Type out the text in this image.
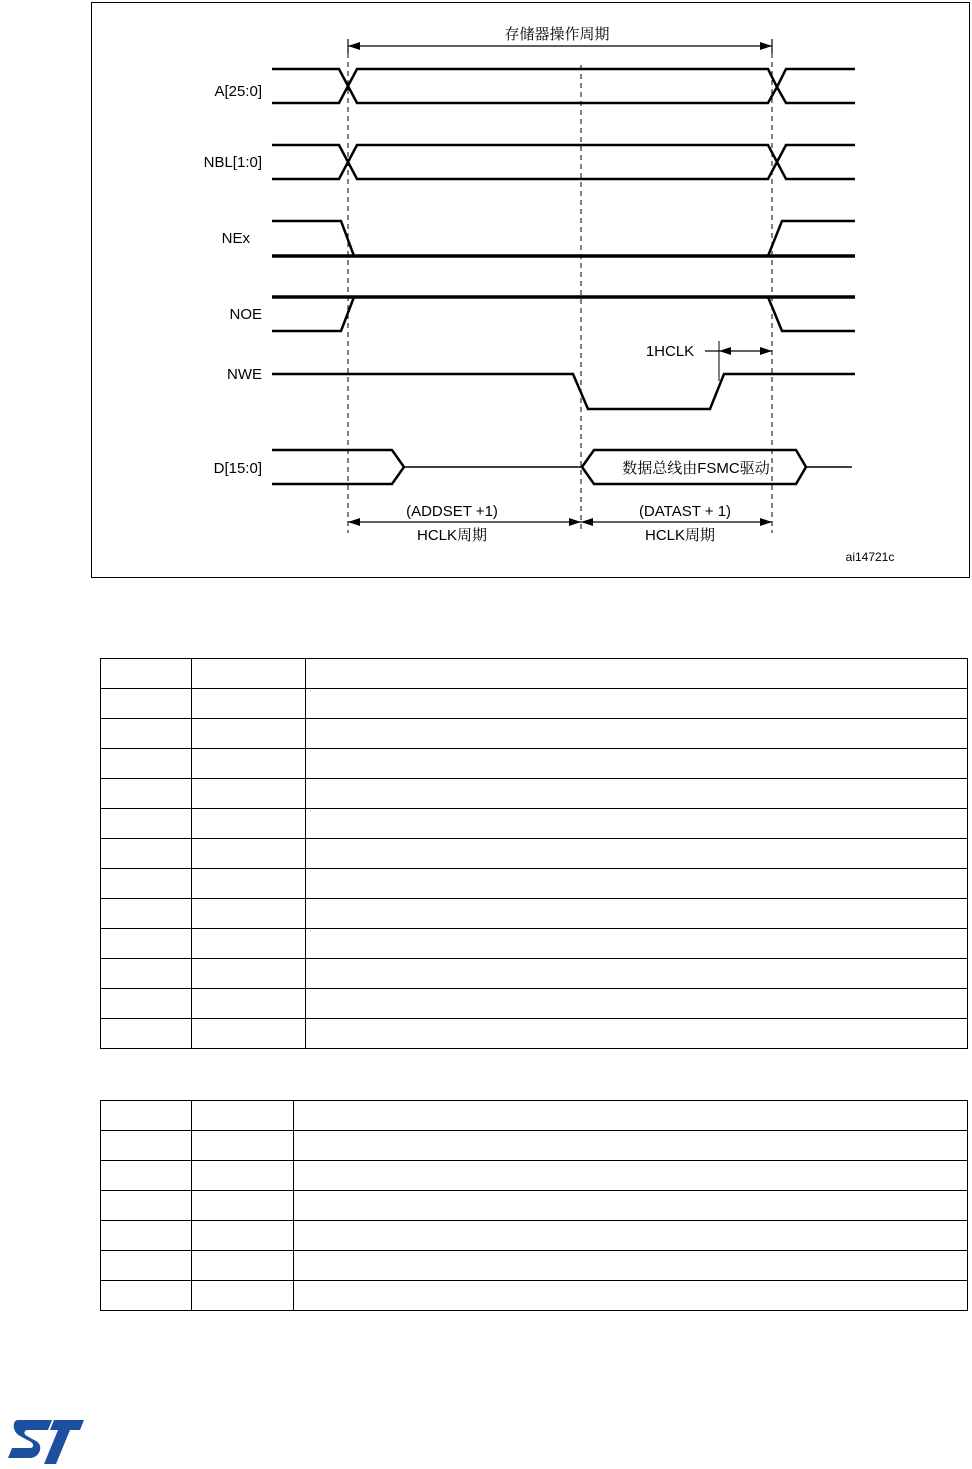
存储器操作周期
A[25:0]
NBL[1:0]
NEx
NOE
NWE
D[15:0]
1HCLK
数据总线由FSMC驱动
(ADDSET +1)
HCLK周期
(DATAST + 1)
HCLK周期
ai14721c
